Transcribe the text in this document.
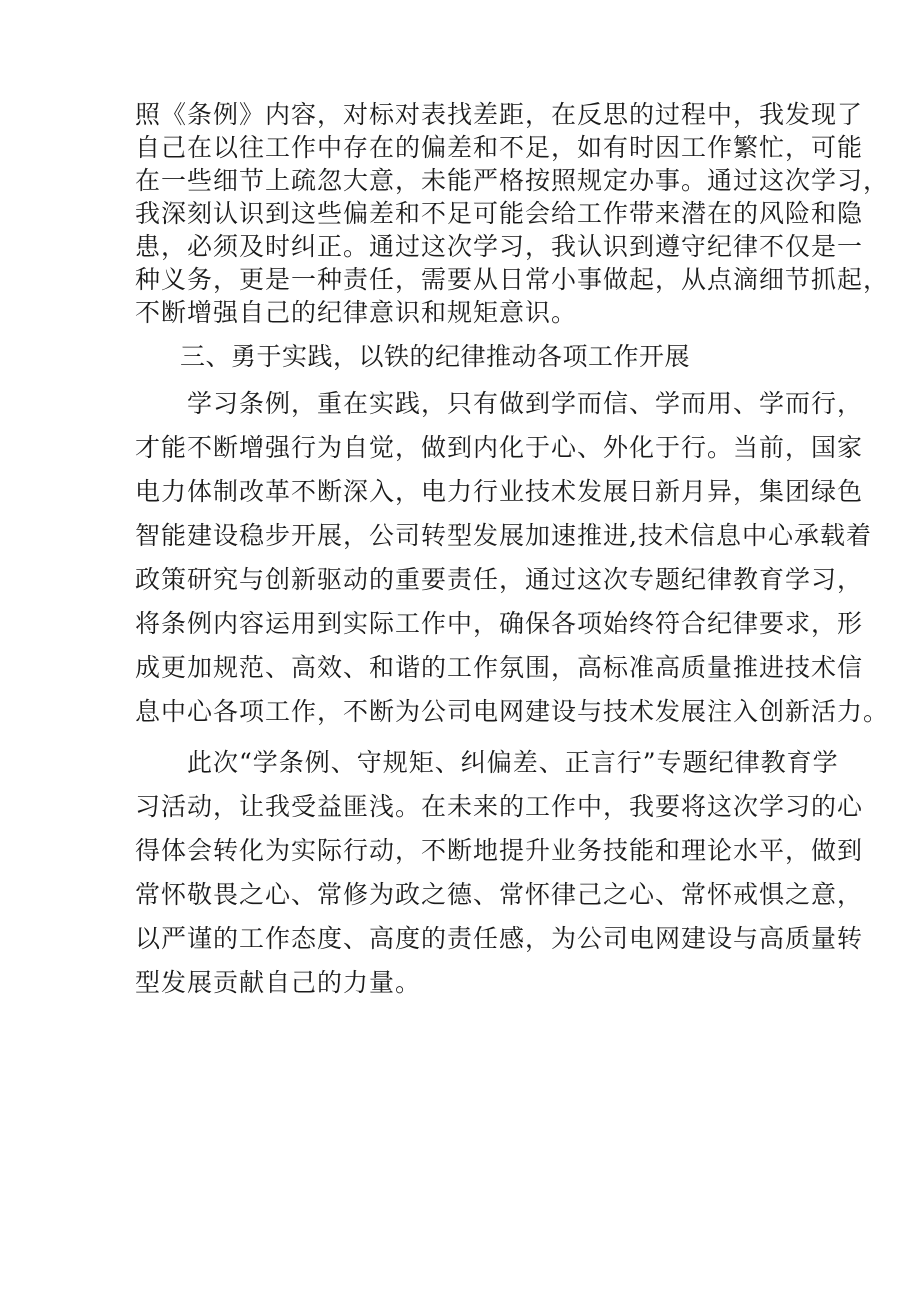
照《条例》内容，对标对表找差距，在反思的过程中，我发现了
自己在以往工作中存在的偏差和不足，如有时因工作繁忙，可能
在一些细节上疏忽大意，未能严格按照规定办事。通过这次学习，
我深刻认识到这些偏差和不足可能会给工作带来潜在的风险和隐
患，必须及时纠正。通过这次学习，我认识到遵守纪律不仅是一
种义务，更是一种责任，需要从日常小事做起，从点滴细节抓起，
不断增强自己的纪律意识和规矩意识。
三、勇于实践，以铁的纪律推动各项工作开展
　　学习条例，重在实践，只有做到学而信、学而用、学而行，
才能不断增强行为自觉，做到内化于心、外化于行。当前，国家
电力体制改革不断深入，电力行业技术发展日新月异，集团绿色
智能建设稳步开展，公司转型发展加速推进,技术信息中心承载着
政策研究与创新驱动的重要责任，通过这次专题纪律教育学习，
将条例内容运用到实际工作中，确保各项始终符合纪律要求，形
成更加规范、高效、和谐的工作氛围，高标准高质量推进技术信
息中心各项工作，不断为公司电网建设与技术发展注入创新活力。
　　此次“学条例、守规矩、纠偏差、正言行”专题纪律教育学
习活动，让我受益匪浅。在未来的工作中，我要将这次学习的心
得体会转化为实际行动，不断地提升业务技能和理论水平，做到
常怀敬畏之心、常修为政之德、常怀律己之心、常怀戒惧之意，
以严谨的工作态度、高度的责任感，为公司电网建设与高质量转
型发展贡献自己的力量。
